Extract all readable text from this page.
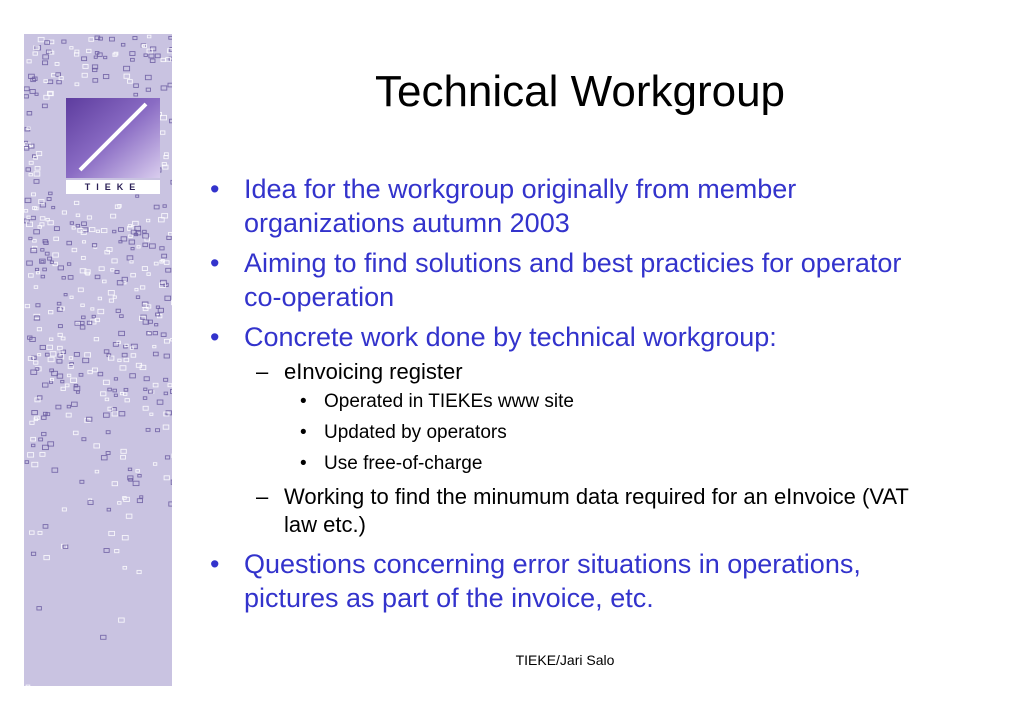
TIEKE
Technical Workgroup
• Idea for the workgroup originally from member organizations autumn 2003
• Aiming to find solutions and best practicies for operator co-operation
• Concrete work done by technical workgroup:
– eInvoicing register
• Operated in TIEKEs www site
• Updated by operators
• Use free-of-charge
– Working to find the minumum data required for an eInvoice (VAT law etc.)
• Questions concerning error situations in operations, pictures as part of the invoice, etc.
TIEKE/Jari Salo
